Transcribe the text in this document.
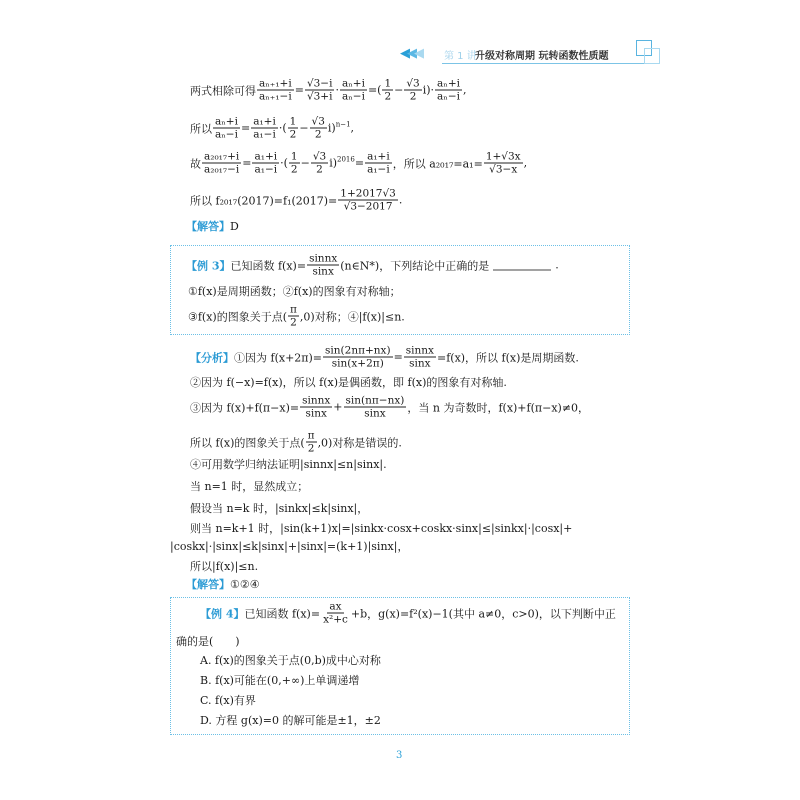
◀◀◀ 第 1 讲
升级对称周期 玩转函数性质题
两式相除可得 $\frac{\text{aₙ₊₁+i}}{\text{aₙ₊₁−i}} = \frac{√3-i}{√3+i} \cdot \frac{\text{aₙ+i}}{\text{aₙ−i}}$ =( $\frac{1}{2} - \frac{√3}{2} i)\cdot \frac{\text{aₙ+i}}{\text{aₙ−i}}$ ,
所以 $\frac{\text{aₙ+i}}{\text{aₙ−i}} = \frac{\text{a₁+i}}{\text{a₁−i}}$ ·( $\frac{1}{2} - \frac{√3}{2} i$) n−1 ,
故 $\frac{\text{a₂₀₁₇+i}}{\text{a₂₀₁₇−i}} = \frac{\text{a₁+i}}{\text{a₁−i}}$ ·( $\frac{1}{2} - \frac{√3}{2} i$) $2016 = \frac{\text{a₁+i}}{\text{a₁−i}}$ ，所以 $a_{2017}=a_1= \frac{1+√3x}{√3-x}$ ,
所以 $f_{2017}(2017)=f_1(2017)= \frac{1+2017√3}{√3-2017}$ .
【解答】 D
【例 3】 已知函数 $f(x)= \frac{\text{sinnx}}{\sin x}$ (n∈N*)，下列结论中正确的是	.
①f(x)是周期函数；②f(x)的图象有对称轴；
③f(x)的图象关于点( $\frac{\pi}{2} ,0$)对称；④|f(x)|≤n.
【分析】 ①因为 $f(x+2\pi)= \frac{\sin(2n\pi+nx)}{\sin(x+2\pi)} = \frac{\text{sinnx}}{\sin x} =f(x)$，所以 f(x)是周期函数.
②因为 f(−x)=f(x)，所以 f(x)是偶函数，即 f(x)的图象有对称轴.
③因为 $f(x)+f(\pi-x)= \frac{\text{sinnx}}{\sin x} + \frac{\sin(n\pi-nx)}{\sin x}$ ，当 n 为奇数时，f(x)+f(π−x)≠0，
所以 f(x)的图象关于点( $\frac{\pi}{2} ,0$)对称是错误的.
④可用数学归纳法证明|sinnx|≤n|sinx|.
当 n=1 时，显然成立；
假设当 n=k 时，|sinkx|≤k|sinx|，
则当 n=k+1 时，|sin(k+1)x|=|sinkx·cosx+coskx·sinx|≤|sinkx|·|cosx|+
|coskx|·|sinx|≤k|sinx|+|sinx|=(k+1)|sinx|，
所以|f(x)|≤n.
【解答】 ①②④
【例 4】 已知函数 $f(x)= \frac{ax}{\text{x²+c}} +b$，g(x)=f²(x)−1(其中 a≠0，c>0)，以下判断中正
确的是(　　)
A. f(x)的图象关于点(0,b)成中心对称
B. f(x)可能在(0,+∞)上单调递增
C. f(x)有界
D. 方程 g(x)=0 的解可能是±1，±2
3
